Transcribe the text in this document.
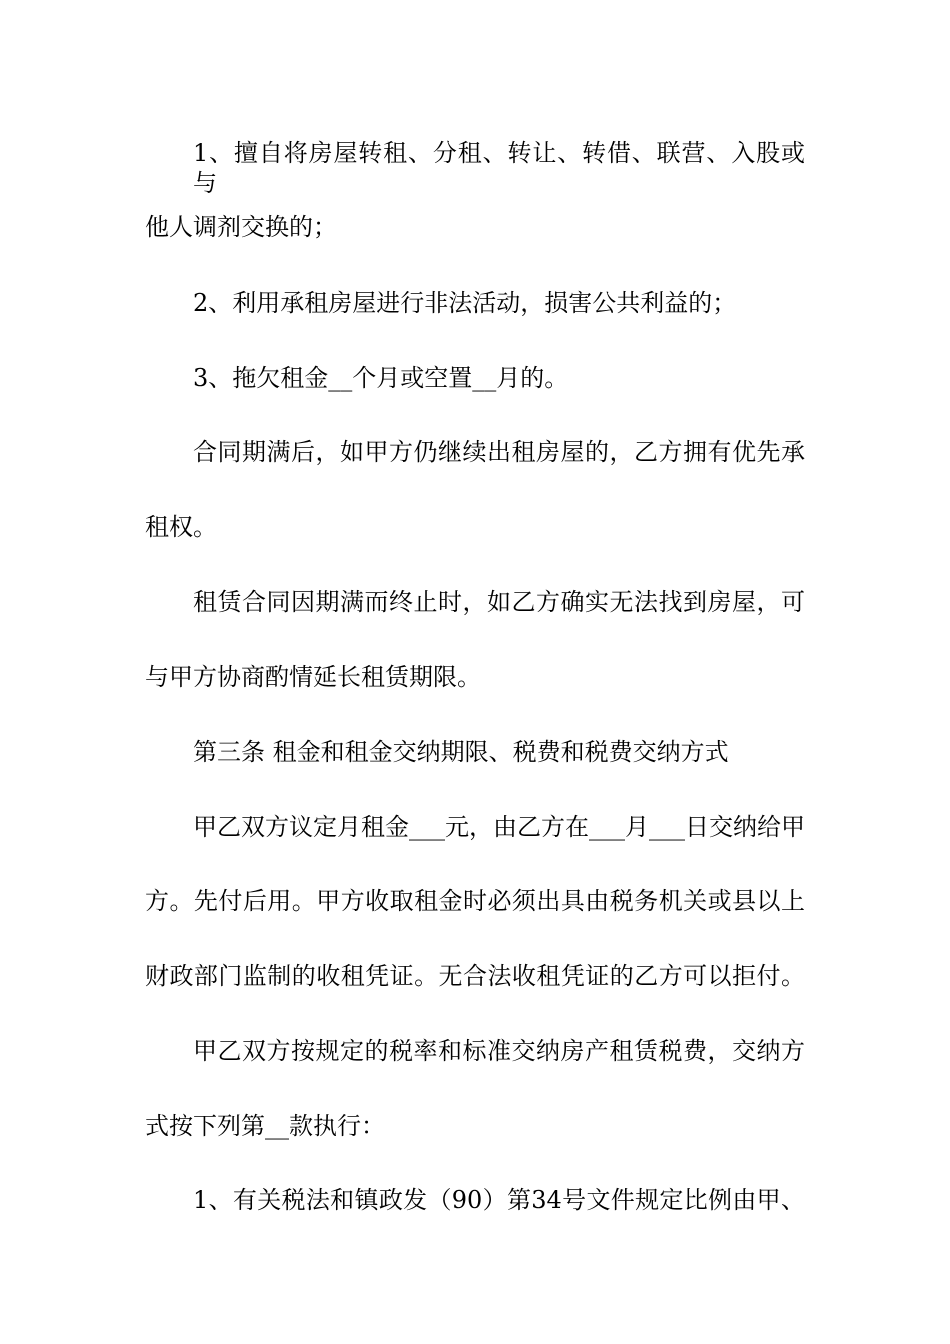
1、擅自将房屋转租、分租、转让、转借、联营、入股或与
他人调剂交换的；
2、利用承租房屋进行非法活动，损害公共利益的；
3、拖欠租金__个月或空置__月的。
合同期满后，如甲方仍继续出租房屋的，乙方拥有优先承
租权。
租赁合同因期满而终止时，如乙方确实无法找到房屋，可
与甲方协商酌情延长租赁期限。
第三条 租金和租金交纳期限、税费和税费交纳方式
甲乙双方议定月租金___元，由乙方在___月___日交纳给甲
方。先付后用。甲方收取租金时必须出具由税务机关或县以上
财政部门监制的收租凭证。无合法收租凭证的乙方可以拒付。
甲乙双方按规定的税率和标准交纳房产租赁税费，交纳方
式按下列第__款执行：
1、有关税法和镇政发（90）第34号文件规定比例由甲、
